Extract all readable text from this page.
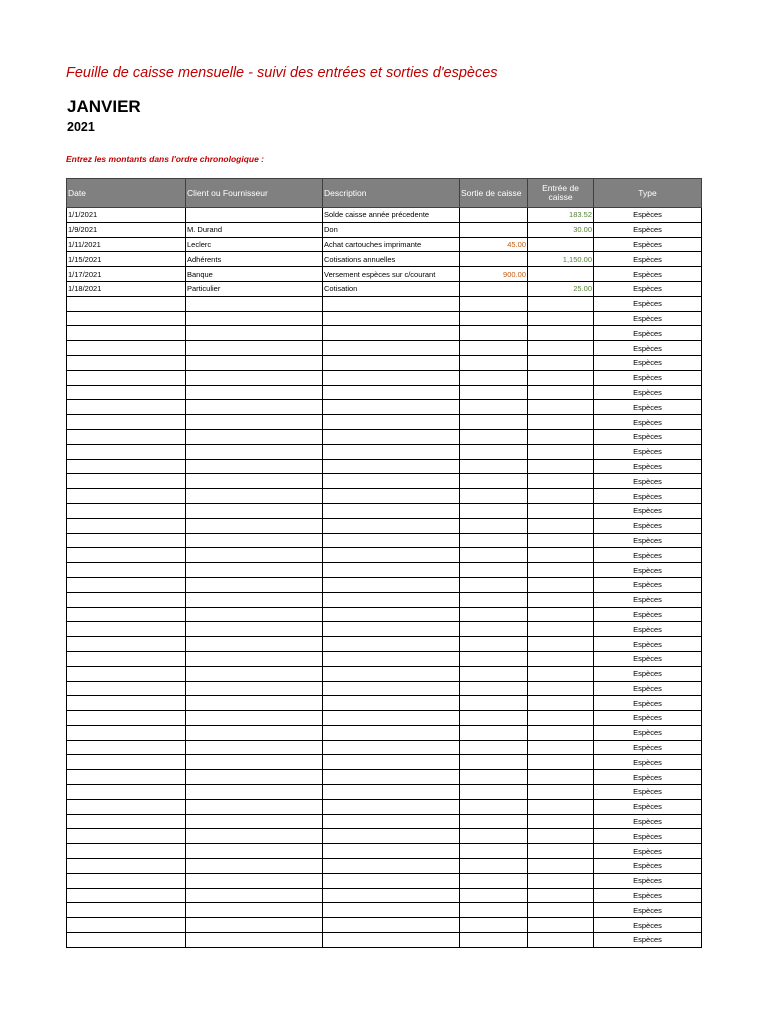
Feuille de caisse mensuelle - suivi des entrées et sorties d'espèces
JANVIER
2021
Entrez les montants dans l'ordre chronologique :
Date	Client ou Fournisseur	Description	Sortie de caisse	Entrée de caisse	Type
1/1/2021		Solde caisse année précedente		183.52	Espèces
1/9/2021	M. Durand	Don		30.00	Espèces
1/11/2021	Leclerc	Achat cartouches imprimante	45.00		Espèces
1/15/2021	Adhérents	Cotisations annuelles		1,150.00	Espèces
1/17/2021	Banque	Versement espèces sur c/courant	900.00		Espèces
1/18/2021	Particulier	Cotisation		25.00	Espèces
					Espèces
					Espèces
					Espèces
					Espèces
					Espèces
					Espèces
					Espèces
					Espèces
					Espèces
					Espèces
					Espèces
					Espèces
					Espèces
					Espèces
					Espèces
					Espèces
					Espèces
					Espèces
					Espèces
					Espèces
					Espèces
					Espèces
					Espèces
					Espèces
					Espèces
					Espèces
					Espèces
					Espèces
					Espèces
					Espèces
					Espèces
					Espèces
					Espèces
					Espèces
					Espèces
					Espèces
					Espèces
					Espèces
					Espèces
					Espèces
					Espèces
					Espèces
					Espèces
					Espèces
